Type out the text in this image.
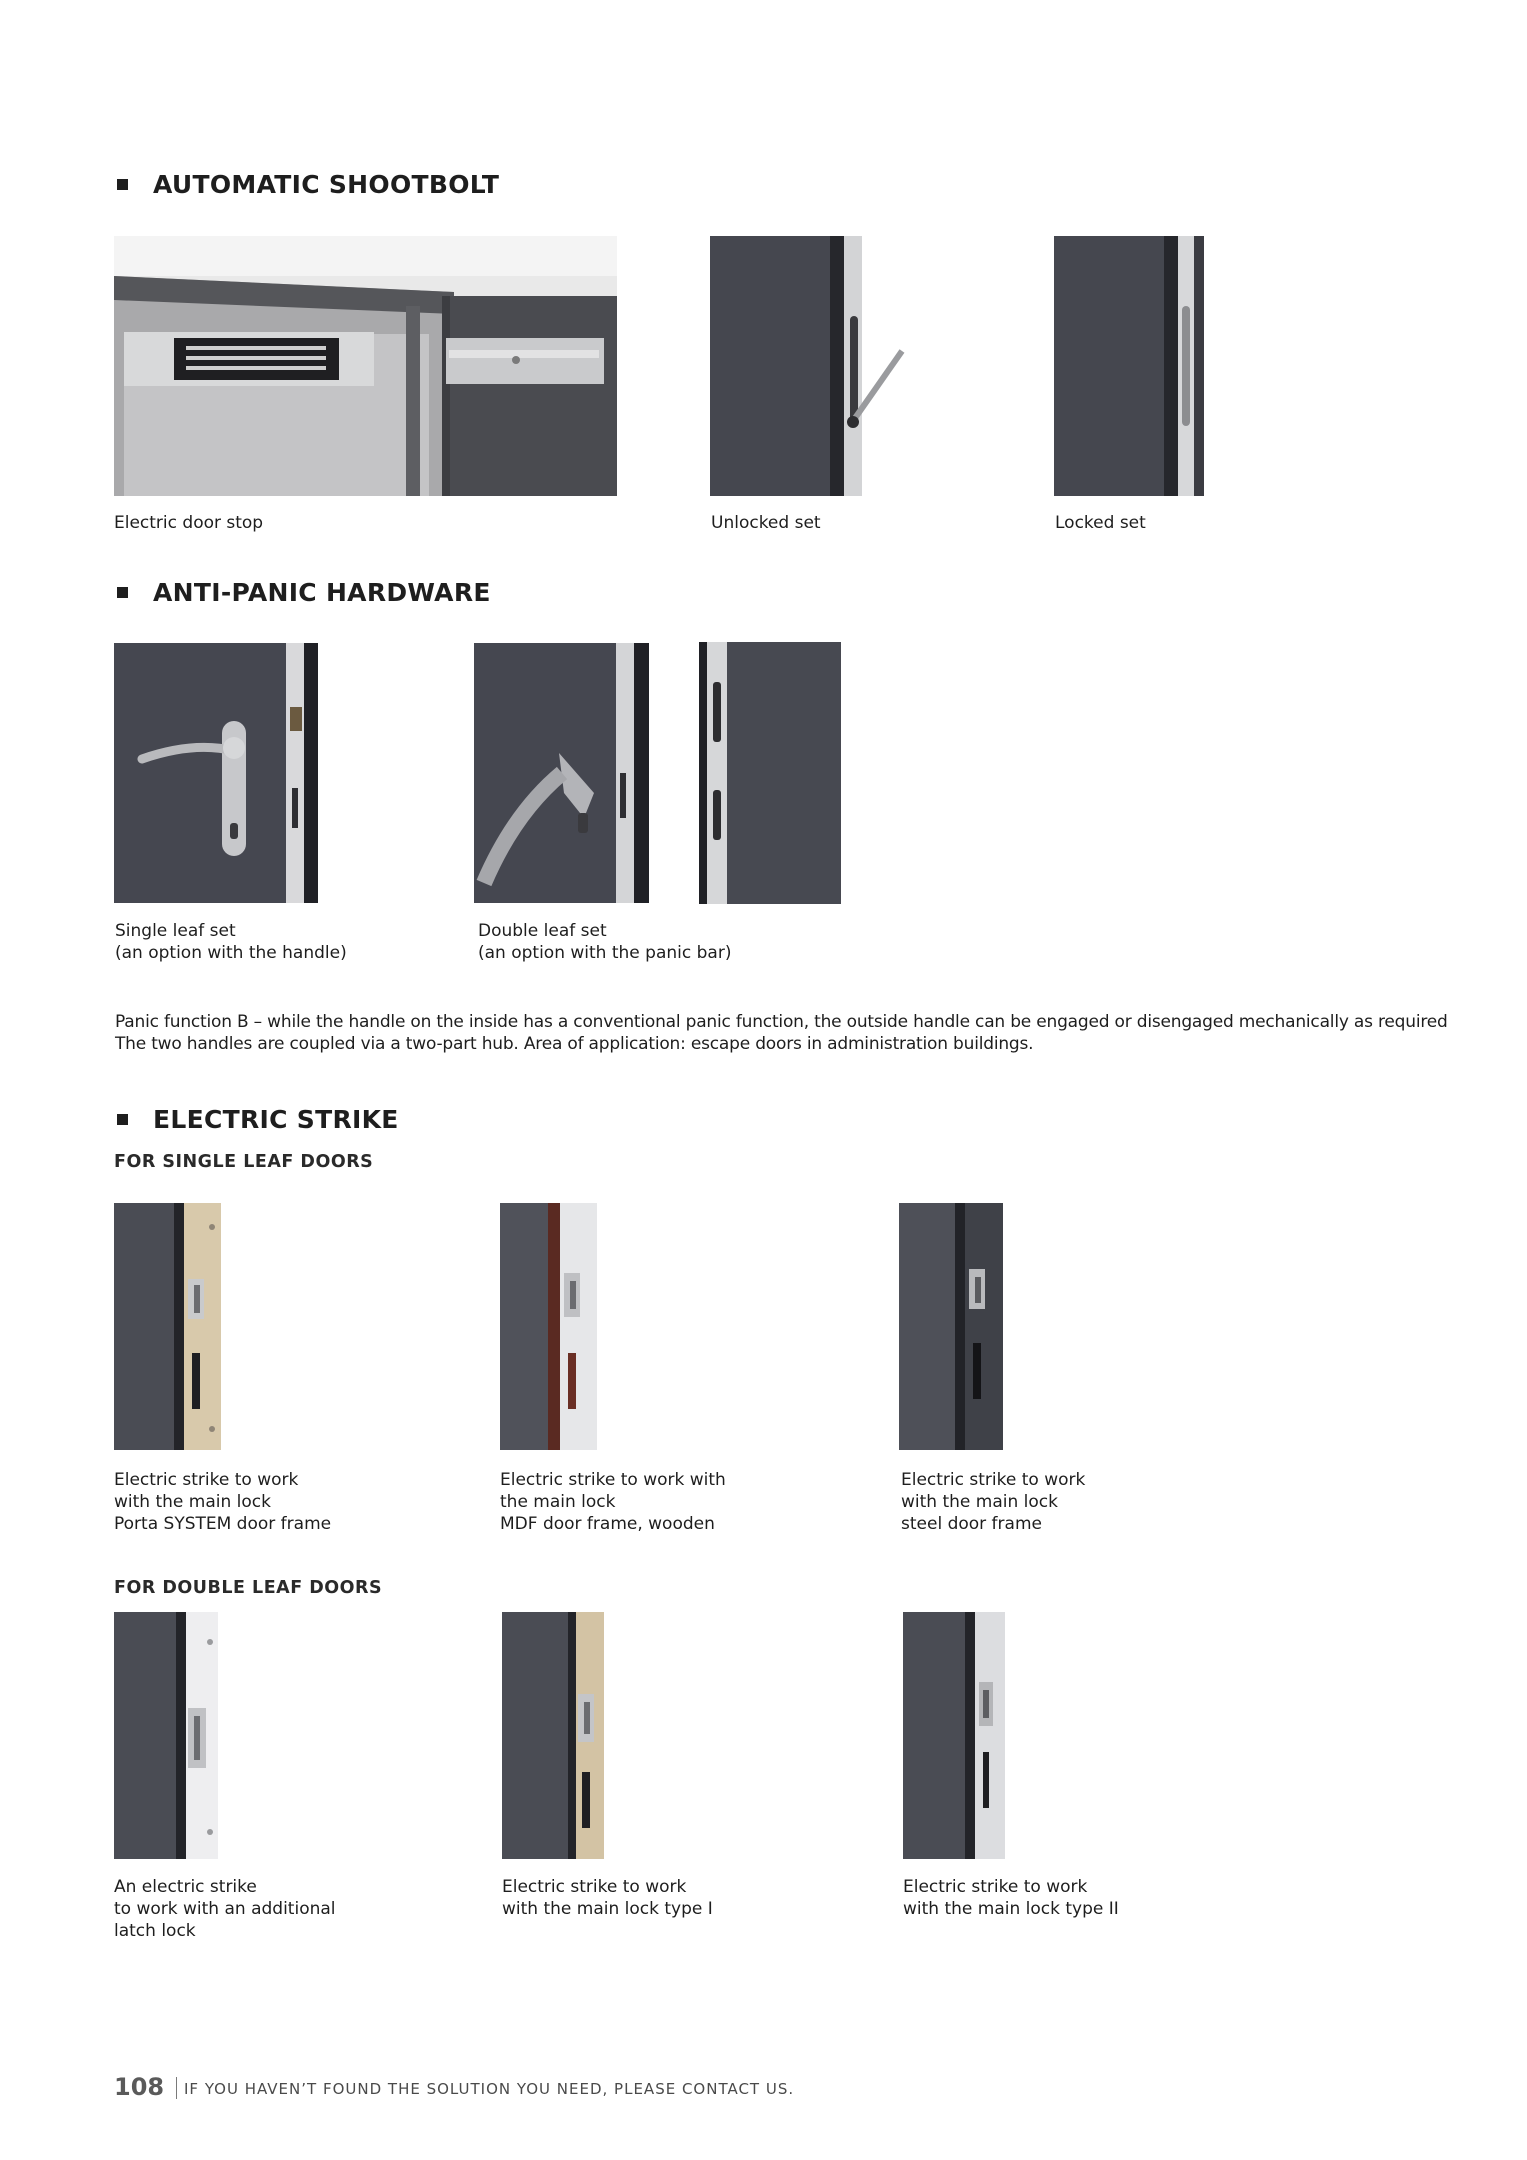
AUTOMATIC SHOOTBOLT
Electric door stop	Unlocked set	Locked set
ANTI-PANIC HARDWARE
Single leaf set
(an option with the handle)
Double leaf set
(an option with the panic bar)
Panic function B – while the handle on the inside has a conventional panic function, the outside handle can be engaged or disengaged mechanically as required
The two handles are coupled via a two-part hub. Area of application: escape doors in administration buildings.
ELECTRIC STRIKE
FOR SINGLE LEAF DOORS
Electric strike to work
with the main lock
Porta SYSTEM door frame
Electric strike to work with
the main lock
MDF door frame, wooden
Electric strike to work
with the main lock
steel door frame
FOR DOUBLE LEAF DOORS
An electric strike
to work with an additional
latch lock
Electric strike to work
with the main lock type I
Electric strike to work
with the main lock type II
108 IF YOU HAVEN’T FOUND THE SOLUTION YOU NEED, PLEASE CONTACT US.
